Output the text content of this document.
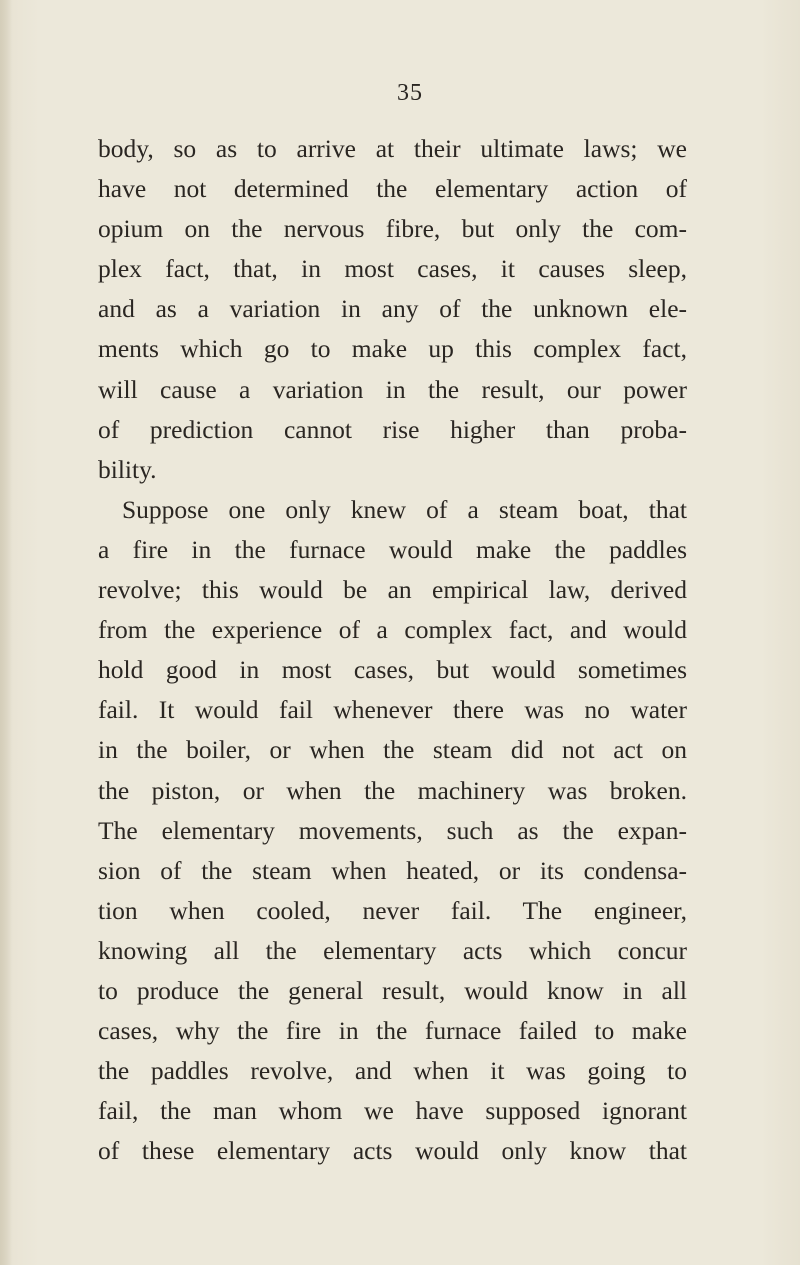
35
body, so as to arrive at their ultimate laws; we
have not determined the elementary action of
opium on the nervous fibre, but only the com-
plex fact, that, in most cases, it causes sleep,
and as a variation in any of the unknown ele-
ments which go to make up this complex fact,
will cause a variation in the result, our power
of prediction cannot rise higher than proba-
bility.
Suppose one only knew of a steam boat, that
a fire in the furnace would make the paddles
revolve; this would be an empirical law, derived
from the experience of a complex fact, and would
hold good in most cases, but would sometimes
fail. It would fail whenever there was no water
in the boiler, or when the steam did not act on
the piston, or when the machinery was broken.
The elementary movements, such as the expan-
sion of the steam when heated, or its condensa-
tion when cooled, never fail. The engineer,
knowing all the elementary acts which concur
to produce the general result, would know in all
cases, why the fire in the furnace failed to make
the paddles revolve, and when it was going to
fail, the man whom we have supposed ignorant
of these elementary acts would only know that
